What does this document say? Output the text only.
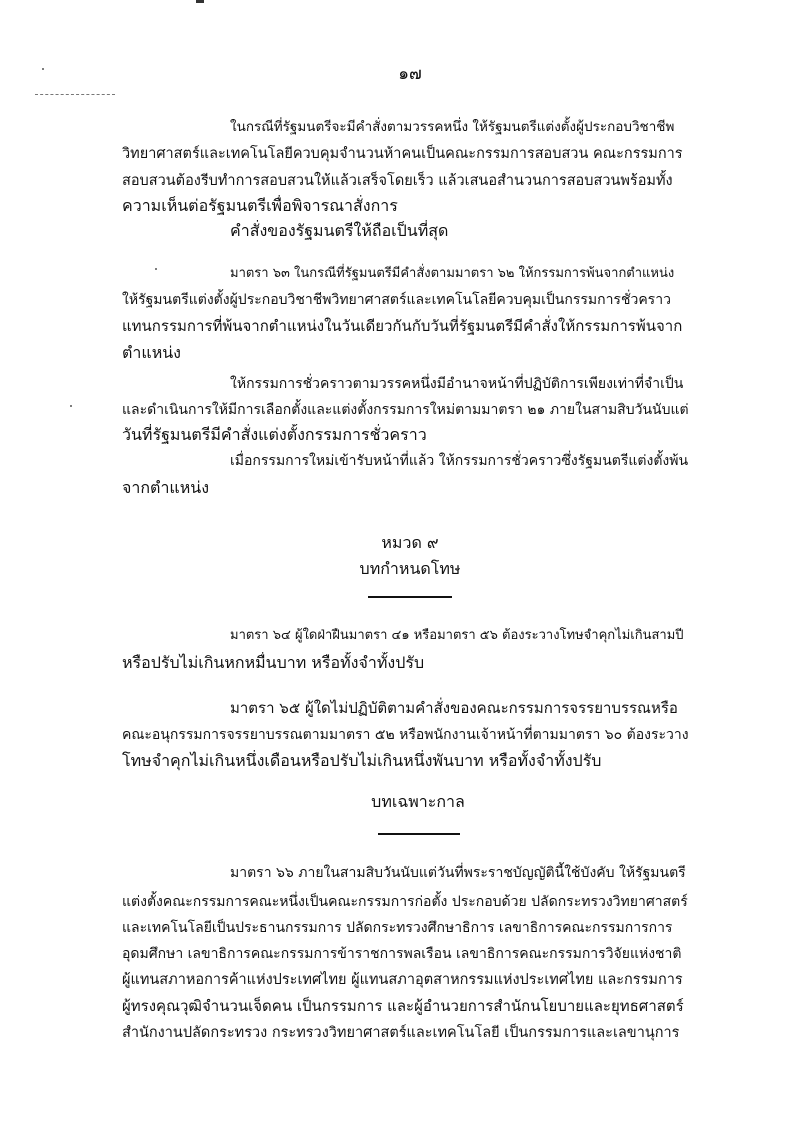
๑๗
ในกรณีที่รัฐมนตรีจะมีคำสั่งตามวรรคหนึ่ง ให้รัฐมนตรีแต่งตั้งผู้ประกอบวิชาชีพ
วิทยาศาสตร์และเทคโนโลยีควบคุมจำนวนห้าคนเป็นคณะกรรมการสอบสวน คณะกรรมการ
สอบสวนต้องรีบทำการสอบสวนให้แล้วเสร็จโดยเร็ว แล้วเสนอสำนวนการสอบสวนพร้อมทั้ง
ความเห็นต่อรัฐมนตรีเพื่อพิจารณาสั่งการ
คำสั่งของรัฐมนตรีให้ถือเป็นที่สุด
มาตรา ๖๓ ในกรณีที่รัฐมนตรีมีคำสั่งตามมาตรา ๖๒ ให้กรรมการพ้นจากตำแหน่ง
ให้รัฐมนตรีแต่งตั้งผู้ประกอบวิชาชีพวิทยาศาสตร์และเทคโนโลยีควบคุมเป็นกรรมการชั่วคราว
แทนกรรมการที่พ้นจากตำแหน่งในวันเดียวกันกับวันที่รัฐมนตรีมีคำสั่งให้กรรมการพ้นจาก
ตำแหน่ง
ให้กรรมการชั่วคราวตามวรรคหนึ่งมีอำนาจหน้าที่ปฏิบัติการเพียงเท่าที่จำเป็น
และดำเนินการให้มีการเลือกตั้งและแต่งตั้งกรรมการใหม่ตามมาตรา ๒๑ ภายในสามสิบวันนับแต่
วันที่รัฐมนตรีมีคำสั่งแต่งตั้งกรรมการชั่วคราว
เมื่อกรรมการใหม่เข้ารับหน้าที่แล้ว ให้กรรมการชั่วคราวซึ่งรัฐมนตรีแต่งตั้งพ้น
จากตำแหน่ง
หมวด ๙
บทกำหนดโทษ
มาตรา ๖๔ ผู้ใดฝ่าฝืนมาตรา ๔๑ หรือมาตรา ๕๖ ต้องระวางโทษจำคุกไม่เกินสามปี
หรือปรับไม่เกินหกหมื่นบาท หรือทั้งจำทั้งปรับ
มาตรา ๖๕ ผู้ใดไม่ปฏิบัติตามคำสั่งของคณะกรรมการจรรยาบรรณหรือ
คณะอนุกรรมการจรรยาบรรณตามมาตรา ๕๒ หรือพนักงานเจ้าหน้าที่ตามมาตรา ๖๐ ต้องระวาง
โทษจำคุกไม่เกินหนึ่งเดือนหรือปรับไม่เกินหนึ่งพันบาท หรือทั้งจำทั้งปรับ
บทเฉพาะกาล
มาตรา ๖๖ ภายในสามสิบวันนับแต่วันที่พระราชบัญญัตินี้ใช้บังคับ ให้รัฐมนตรี
แต่งตั้งคณะกรรมการคณะหนึ่งเป็นคณะกรรมการก่อตั้ง ประกอบด้วย ปลัดกระทรวงวิทยาศาสตร์
และเทคโนโลยีเป็นประธานกรรมการ ปลัดกระทรวงศึกษาธิการ เลขาธิการคณะกรรมการการ
อุดมศึกษา เลขาธิการคณะกรรมการข้าราชการพลเรือน เลขาธิการคณะกรรมการวิจัยแห่งชาติ
ผู้แทนสภาหอการค้าแห่งประเทศไทย ผู้แทนสภาอุตสาหกรรมแห่งประเทศไทย และกรรมการ
ผู้ทรงคุณวุฒิจำนวนเจ็ดคน เป็นกรรมการ และผู้อำนวยการสำนักนโยบายและยุทธศาสตร์
สำนักงานปลัดกระทรวง กระทรวงวิทยาศาสตร์และเทคโนโลยี เป็นกรรมการและเลขานุการ
